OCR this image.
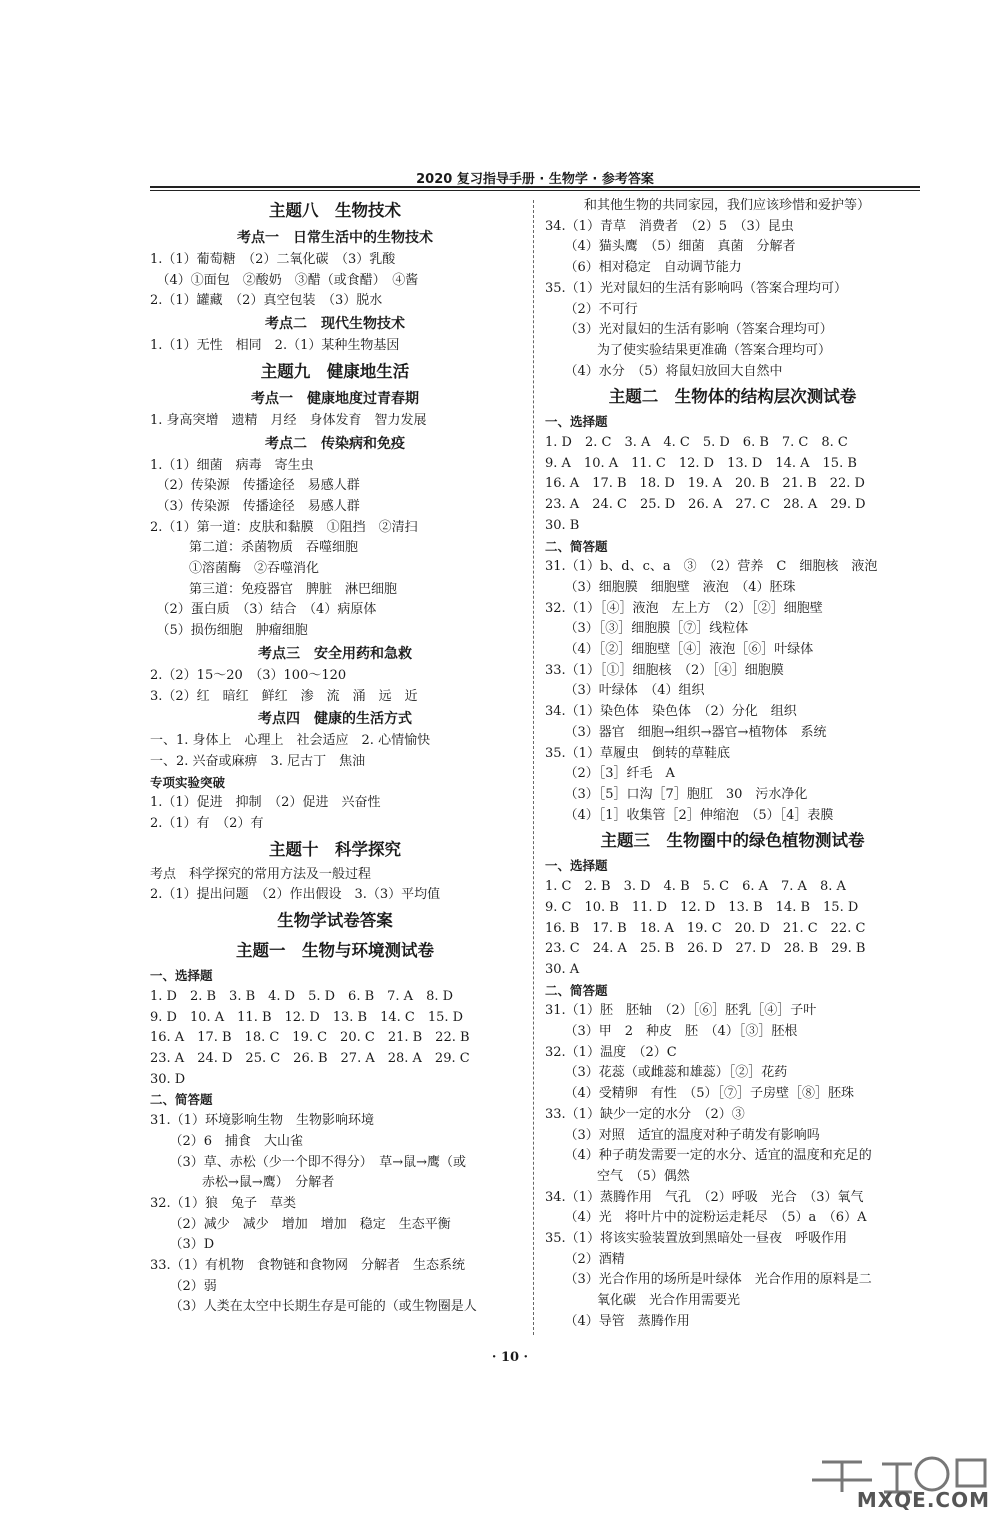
2020 复习指导手册 · 生物学 · 参考答案
主题八　生物技术
考点一　日常生活中的生物技术
1.（1）葡萄糖　（2）二氧化碳　（3）乳酸
　（4）①面包　②酸奶　③醋（或食醋）　④酱
2.（1）罐藏　（2）真空包装　（3）脱水
考点二　现代生物技术
1.（1）无性　相同　2.（1）某种生物基因
主题九　健康地生活
考点一　健康地度过青春期
1. 身高突增　遗精　月经　身体发育　智力发展
考点二　传染病和免疫
1.（1）细菌　病毒　寄生虫
　（2）传染源　传播途径　易感人群
　（3）传染源　传播途径　易感人群
2.（1）第一道：皮肤和黏膜　①阻挡　②清扫
　　　第二道：杀菌物质　吞噬细胞
　　　①溶菌酶　②吞噬消化
　　　第三道：免疫器官　脾脏　淋巴细胞
　（2）蛋白质　（3）结合　（4）病原体
　（5）损伤细胞　肿瘤细胞
考点三　安全用药和急救
2.（2）15～20　（3）100～120
3.（2）红　暗红　鲜红　渗　流　涌　远　近
考点四　健康的生活方式
一、1. 身体上　心理上　社会适应　2. 心情愉快
一、2. 兴奋或麻痹　3. 尼古丁　焦油
专项实验突破
1.（1）促进　抑制　（2）促进　兴奋性
2.（1）有　（2）有
主题十　科学探究
考点　科学探究的常用方法及一般过程
2.（1）提出问题　（2）作出假设　3.（3）平均值
生物学试卷答案
主题一　生物与环境测试卷
一、选择题
1. D　2. B　3. B　4. D　5. D　6. B　7. A　8. D
9. D　10. A　11. B　12. D　13. B　14. C　15. D
16. A　17. B　18. C　19. C　20. C　21. B　22. B
23. A　24. D　25. C　26. B　27. A　28. A　29. C
30. D
二、简答题
31.（1）环境影响生物　生物影响环境
　　（2）6　捕食　大山雀
　　（3）草、赤松（少一个即不得分）　草→鼠→鹰（或
　　　　赤松→鼠→鹰）　分解者
32.（1）狼　兔子　草类
　　（2）减少　减少　增加　增加　稳定　生态平衡
　　（3）D
33.（1）有机物　食物链和食物网　分解者　生态系统
　　（2）弱
　　（3）人类在太空中长期生存是可能的（或生物圈是人
　　　和其他生物的共同家园，我们应该珍惜和爱护等）
34.（1）青草　消费者　（2）5　（3）昆虫
　　（4）猫头鹰　（5）细菌　真菌　分解者
　　（6）相对稳定　自动调节能力
35.（1）光对鼠妇的生活有影响吗（答案合理均可）
　　（2）不可行
　　（3）光对鼠妇的生活有影响（答案合理均可）
　　　　为了使实验结果更准确（答案合理均可）
　　（4）水分　（5）将鼠妇放回大自然中
主题二　生物体的结构层次测试卷
一、选择题
1. D　2. C　3. A　4. C　5. D　6. B　7. C　8. C
9. A　10. A　11. C　12. D　13. D　14. A　15. B
16. A　17. B　18. D　19. A　20. B　21. B　22. D
23. A　24. C　25. D　26. A　27. C　28. A　29. D
30. B
二、简答题
31.（1）b、d、c、a　③　（2）营养　C　细胞核　液泡
　　（3）细胞膜　细胞壁　液泡　（4）胚珠
32.（1）［④］液泡　左上方　（2）［②］细胞壁
　　（3）［③］细胞膜［⑦］线粒体
　　（4）［②］细胞壁［④］液泡［⑥］叶绿体
33.（1）［①］细胞核　（2）［④］细胞膜
　　（3）叶绿体　（4）组织
34.（1）染色体　染色体　（2）分化　组织
　　（3）器官　细胞→组织→器官→植物体　系统
35.（1）草履虫　倒转的草鞋底
　　（2）［3］纤毛　A
　　（3）［5］口沟［7］胞肛　30　污水净化
　　（4）［1］收集管［2］伸缩泡　（5）［4］表膜
主题三　生物圈中的绿色植物测试卷
一、选择题
1. C　2. B　3. D　4. B　5. C　6. A　7. A　8. A
9. C　10. B　11. D　12. D　13. B　14. B　15. D
16. B　17. B　18. A　19. C　20. D　21. C　22. C
23. C　24. A　25. B　26. D　27. D　28. B　29. B
30. A
二、简答题
31.（1）胚　胚轴　（2）［⑥］胚乳［④］子叶
　　（3）甲　2　种皮　胚　（4）［③］胚根
32.（1）温度　（2）C
　　（3）花蕊（或雌蕊和雄蕊）［②］花药
　　（4）受精卵　有性　（5）［⑦］子房壁［⑧］胚珠
33.（1）缺少一定的水分　（2）③
　　（3）对照　适宜的温度对种子萌发有影响吗
　　（4）种子萌发需要一定的水分、适宜的温度和充足的
　　　　空气　（5）偶然
34.（1）蒸腾作用　气孔　（2）呼吸　光合　（3）氧气
　　（4）光　将叶片中的淀粉运走耗尽　（5）a　（6）A
35.（1）将该实验装置放到黑暗处一昼夜　呼吸作用
　　（2）酒精
　　（3）光合作用的场所是叶绿体　光合作用的原料是二
　　　　氧化碳　光合作用需要光
　　（4）导管　蒸腾作用
· 10 ·
MXQE.COM
